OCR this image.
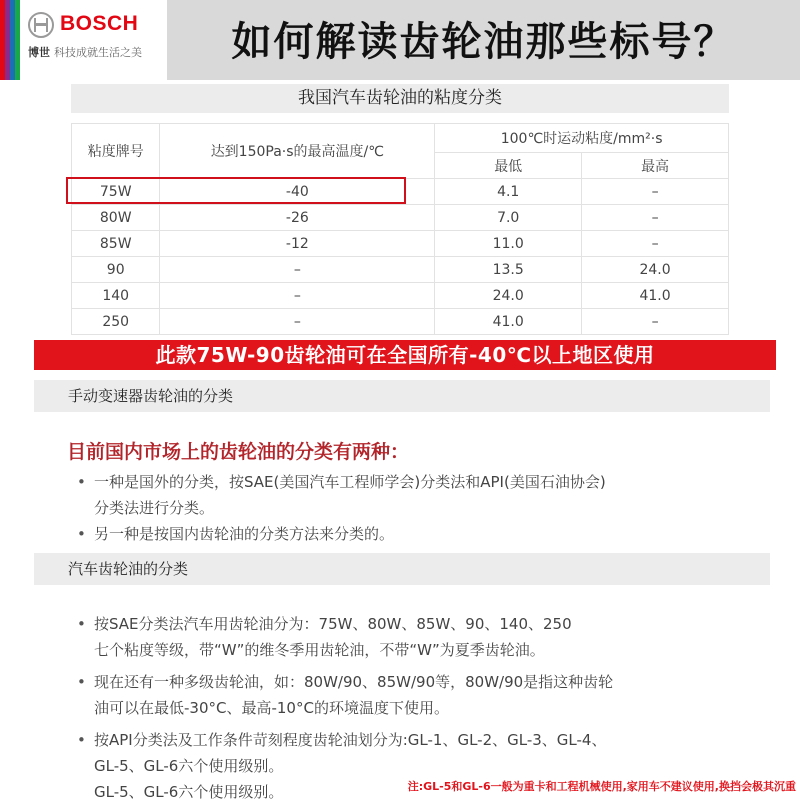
BOSCH
博世 科技成就生活之美	如何解读齿轮油那些标号？
我国汽车齿轮油的粘度分类
粘度牌号	达到150Pa·s的最高温度/℃	100℃时运动粘度/mm²·s	
		最低	最高
75W	-40	4.1	–
80W	-26	7.0	–
85W	-12	11.0	–
90	–	13.5	24.0
140	–	24.0	41.0
250	–	41.0	–
此款75W-90齿轮油可在全国所有-40℃以上地区使用
手动变速器齿轮油的分类
目前国内市场上的齿轮油的分类有两种：
• 一种是国外的分类，按SAE(美国汽车工程师学会)分类法和API(美国石油协会)
分类法进行分类。
• 另一种是按国内齿轮油的分类方法来分类的。
汽车齿轮油的分类
• 按SAE分类法汽车用齿轮油分为：75W、80W、85W、90、140、250
七个粘度等级，带“W”的维冬季用齿轮油，不带“W”为夏季齿轮油。
• 现在还有一种多级齿轮油，如：80W/90、85W/90等，80W/90是指这种齿轮
油可以在最低-30°C、最高-10°C的环境温度下使用。
• 按API分类法及工作条件苛刻程度齿轮油划分为:GL-1、GL-2、GL-3、GL-4、
GL-5、GL-6六个使用级别。
GL-5、GL-6六个使用级别。	注:GL-5和GL-6一般为重卡和工程机械使用,家用车不建议使用,换挡会极其沉重
